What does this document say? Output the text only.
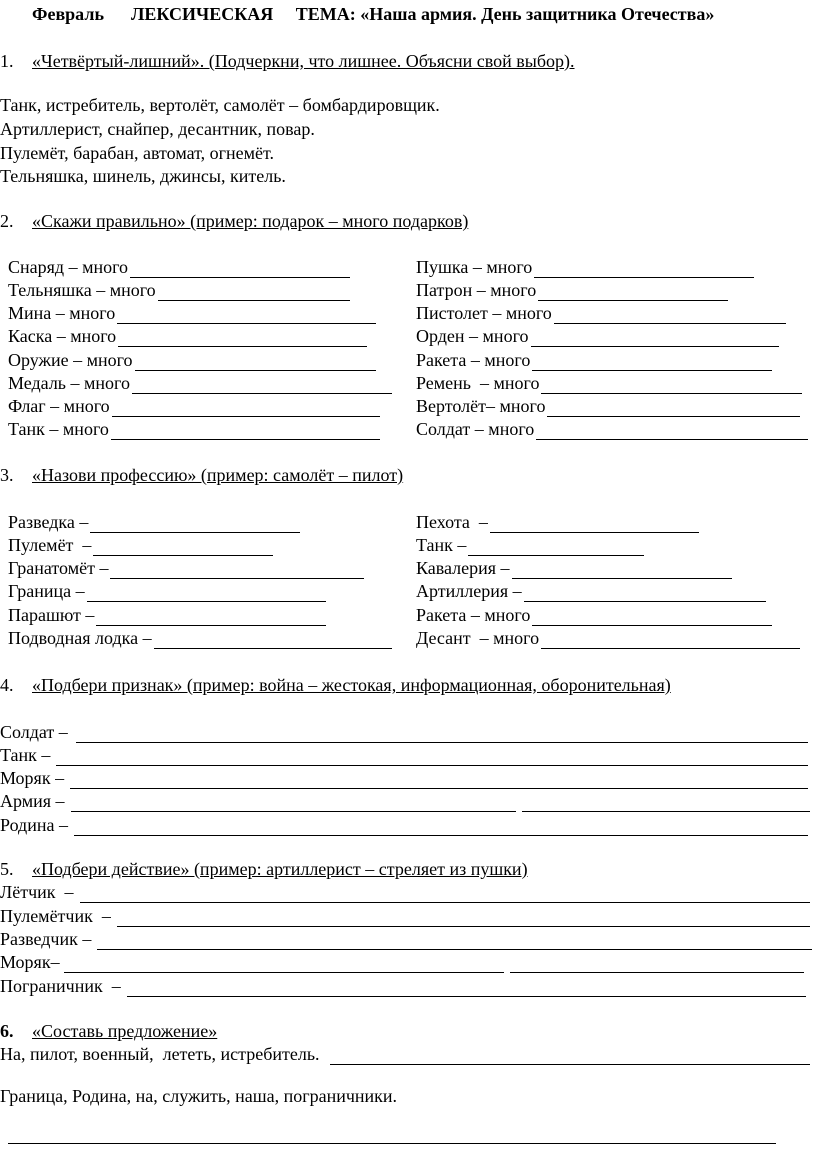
Февраль ЛЕКСИЧЕСКАЯ ТЕМА: «Наша армия. День защитника Отечества»
1. «Четвёртый-лишний». (Подчеркни, что лишнее. Объясни свой выбор).
Танк, истребитель, вертолёт, самолёт – бомбардировщик.
Артиллерист, снайпер, десантник, повар.
Пулемёт, барабан, автомат, огнемёт.
Тельняшка, шинель, джинсы, китель.
2. «Скажи правильно» (пример: подарок – много подарков)
Снаряд – много
Тельняшка – много
Мина – много
Каска – много
Оружие – много
Медаль – много
Флаг – много
Танк – много
Пушка – много
Патрон – много
Пистолет – много
Орден – много
Ракета – много
Ремень  – много
Вертолёт– много
Солдат – много
3. «Назови профессию» (пример: самолёт – пилот)
Разведка –
Пулемёт  –
Гранатомёт –
Граница –
Парашют –
Подводная лодка –
Пехота  –
Танк –
Кавалерия –
Артиллерия –
Ракета – много
Десант  – много
4. «Подбери признак» (пример: война – жестокая, информационная, оборонительная)
Солдат –
Танк –
Моряк –
Армия –
Родина –
5. «Подбери действие» (пример: артиллерист – стреляет из пушки)
Лётчик  –
Пулемётчик  –
Разведчик –
Моряк–
Пограничник  –
6. «Составь предложение»
На, пилот, военный,  лететь, истребитель.
Граница, Родина, на, служить, наша, пограничники.
